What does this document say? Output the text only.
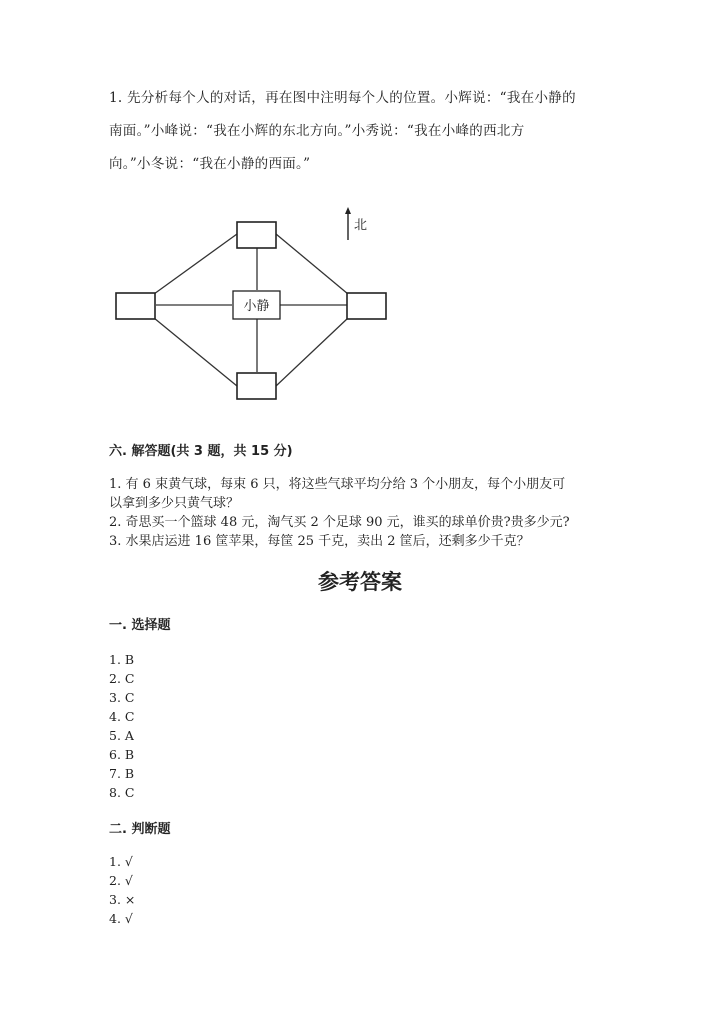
1. 先分析每个人的对话，再在图中注明每个人的位置。小辉说：“我在小静的
南面。”小峰说：“我在小辉的东北方向。”小秀说：“我在小峰的西北方
向。”小冬说：“我在小静的西面。”
小静
北
六. 解答题(共 3 题，共 15 分)
1. 有 6 束黄气球，每束 6 只，将这些气球平均分给 3 个小朋友，每个小朋友可
以拿到多少只黄气球？
2. 奇思买一个篮球 48 元，淘气买 2 个足球 90 元，谁买的球单价贵?贵多少元?
3. 水果店运进 16 筐苹果，每筐 25 千克，卖出 2 筐后，还剩多少千克？
参考答案
一. 选择题
1. B
2. C
3. C
4. C
5. A
6. B
7. B
8. C
二. 判断题
1. √
2. √
3. ×
4. √
